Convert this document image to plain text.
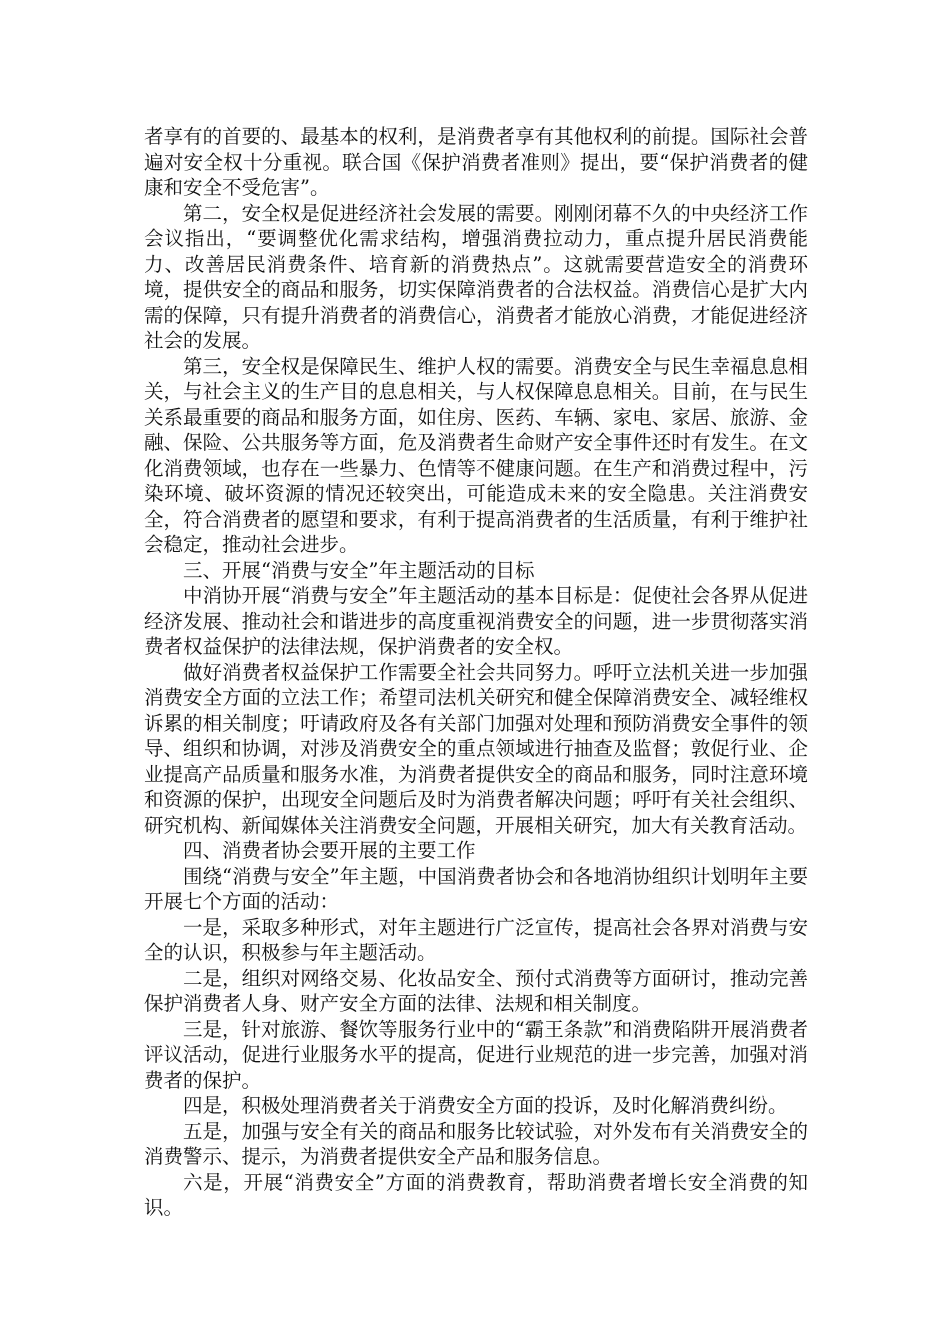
者享有的首要的、最基本的权利，是消费者享有其他权利的前提。国际社会普遍对安全权十分重视。联合国《保护消费者准则》提出，要“保护消费者的健康和安全不受危害”。

第二，安全权是促进经济社会发展的需要。刚刚闭幕不久的中央经济工作会议指出，“要调整优化需求结构，增强消费拉动力，重点提升居民消费能力、改善居民消费条件、培育新的消费热点”。这就需要营造安全的消费环境，提供安全的商品和服务，切实保障消费者的合法权益。消费信心是扩大内需的保障，只有提升消费者的消费信心，消费者才能放心消费，才能促进经济社会的发展。

第三，安全权是保障民生、维护人权的需要。消费安全与民生幸福息息相关，与社会主义的生产目的息息相关，与人权保障息息相关。目前，在与民生关系最重要的商品和服务方面，如住房、医药、车辆、家电、家居、旅游、金融、保险、公共服务等方面，危及消费者生命财产安全事件还时有发生。在文化消费领域，也存在一些暴力、色情等不健康问题。在生产和消费过程中，污染环境、破坏资源的情况还较突出，可能造成未来的安全隐患。关注消费安全，符合消费者的愿望和要求，有利于提高消费者的生活质量，有利于维护社会稳定，推动社会进步。

三、开展“消费与安全”年主题活动的目标

中消协开展“消费与安全”年主题活动的基本目标是：促使社会各界从促进经济发展、推动社会和谐进步的高度重视消费安全的问题，进一步贯彻落实消费者权益保护的法律法规，保护消费者的安全权。

做好消费者权益保护工作需要全社会共同努力。呼吁立法机关进一步加强消费安全方面的立法工作；希望司法机关研究和健全保障消费安全、减轻维权诉累的相关制度；吁请政府及各有关部门加强对处理和预防消费安全事件的领导、组织和协调，对涉及消费安全的重点领域进行抽查及监督；敦促行业、企业提高产品质量和服务水准，为消费者提供安全的商品和服务，同时注意环境和资源的保护，出现安全问题后及时为消费者解决问题；呼吁有关社会组织、研究机构、新闻媒体关注消费安全问题，开展相关研究，加大有关教育活动。

四、消费者协会要开展的主要工作

围绕“消费与安全”年主题，中国消费者协会和各地消协组织计划明年主要开展七个方面的活动：

一是，采取多种形式，对年主题进行广泛宣传，提高社会各界对消费与安全的认识，积极参与年主题活动。

二是，组织对网络交易、化妆品安全、预付式消费等方面研讨，推动完善保护消费者人身、财产安全方面的法律、法规和相关制度。

三是，针对旅游、餐饮等服务行业中的“霸王条款”和消费陷阱开展消费者评议活动，促进行业服务水平的提高，促进行业规范的进一步完善，加强对消费者的保护。

四是，积极处理消费者关于消费安全方面的投诉，及时化解消费纠纷。

五是，加强与安全有关的商品和服务比较试验，对外发布有关消费安全的消费警示、提示，为消费者提供安全产品和服务信息。

六是，开展“消费安全”方面的消费教育，帮助消费者增长安全消费的知识。
